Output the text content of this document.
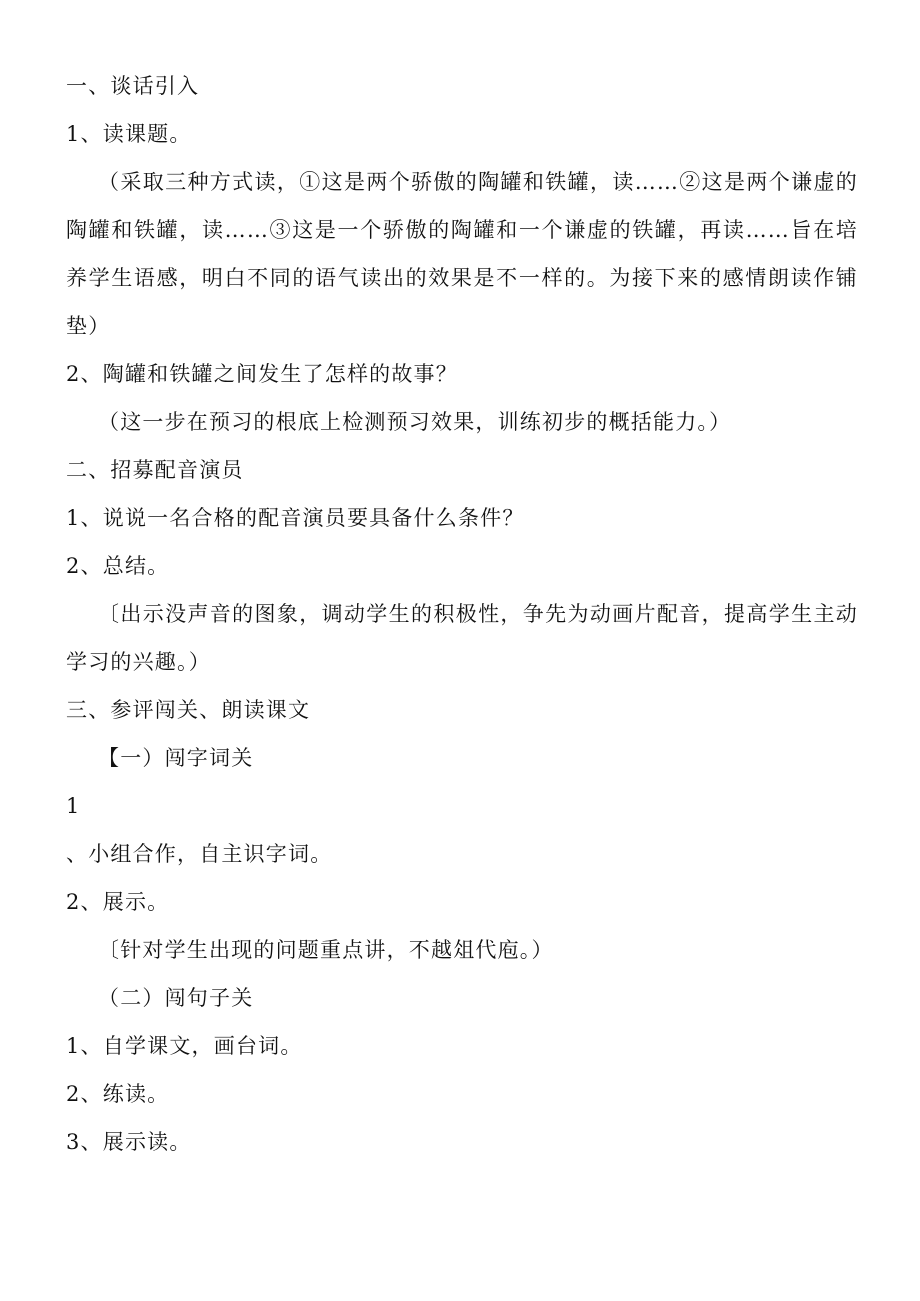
一、谈话引入
1、读课题。
（采取三种方式读，①这是两个骄傲的陶罐和铁罐，读……②这是两个谦虚的陶罐和铁罐，读……③这是一个骄傲的陶罐和一个谦虚的铁罐，再读……旨在培养学生语感，明白不同的语气读出的效果是不一样的。为接下来的感情朗读作铺垫）
2、陶罐和铁罐之间发生了怎样的故事？
（这一步在预习的根底上检测预习效果，训练初步的概括能力。）
二、招募配音演员
1、说说一名合格的配音演员要具备什么条件？
2、总结。
〔出示没声音的图象，调动学生的积极性，争先为动画片配音，提高学生主动学习的兴趣。）
三、参评闯关、朗读课文
【一）闯字词关
1
、小组合作，自主识字词。
2、展示。
〔针对学生出现的问题重点讲，不越俎代庖。）
（二）闯句子关
1、自学课文，画台词。
2、练读。
3、展示读。
